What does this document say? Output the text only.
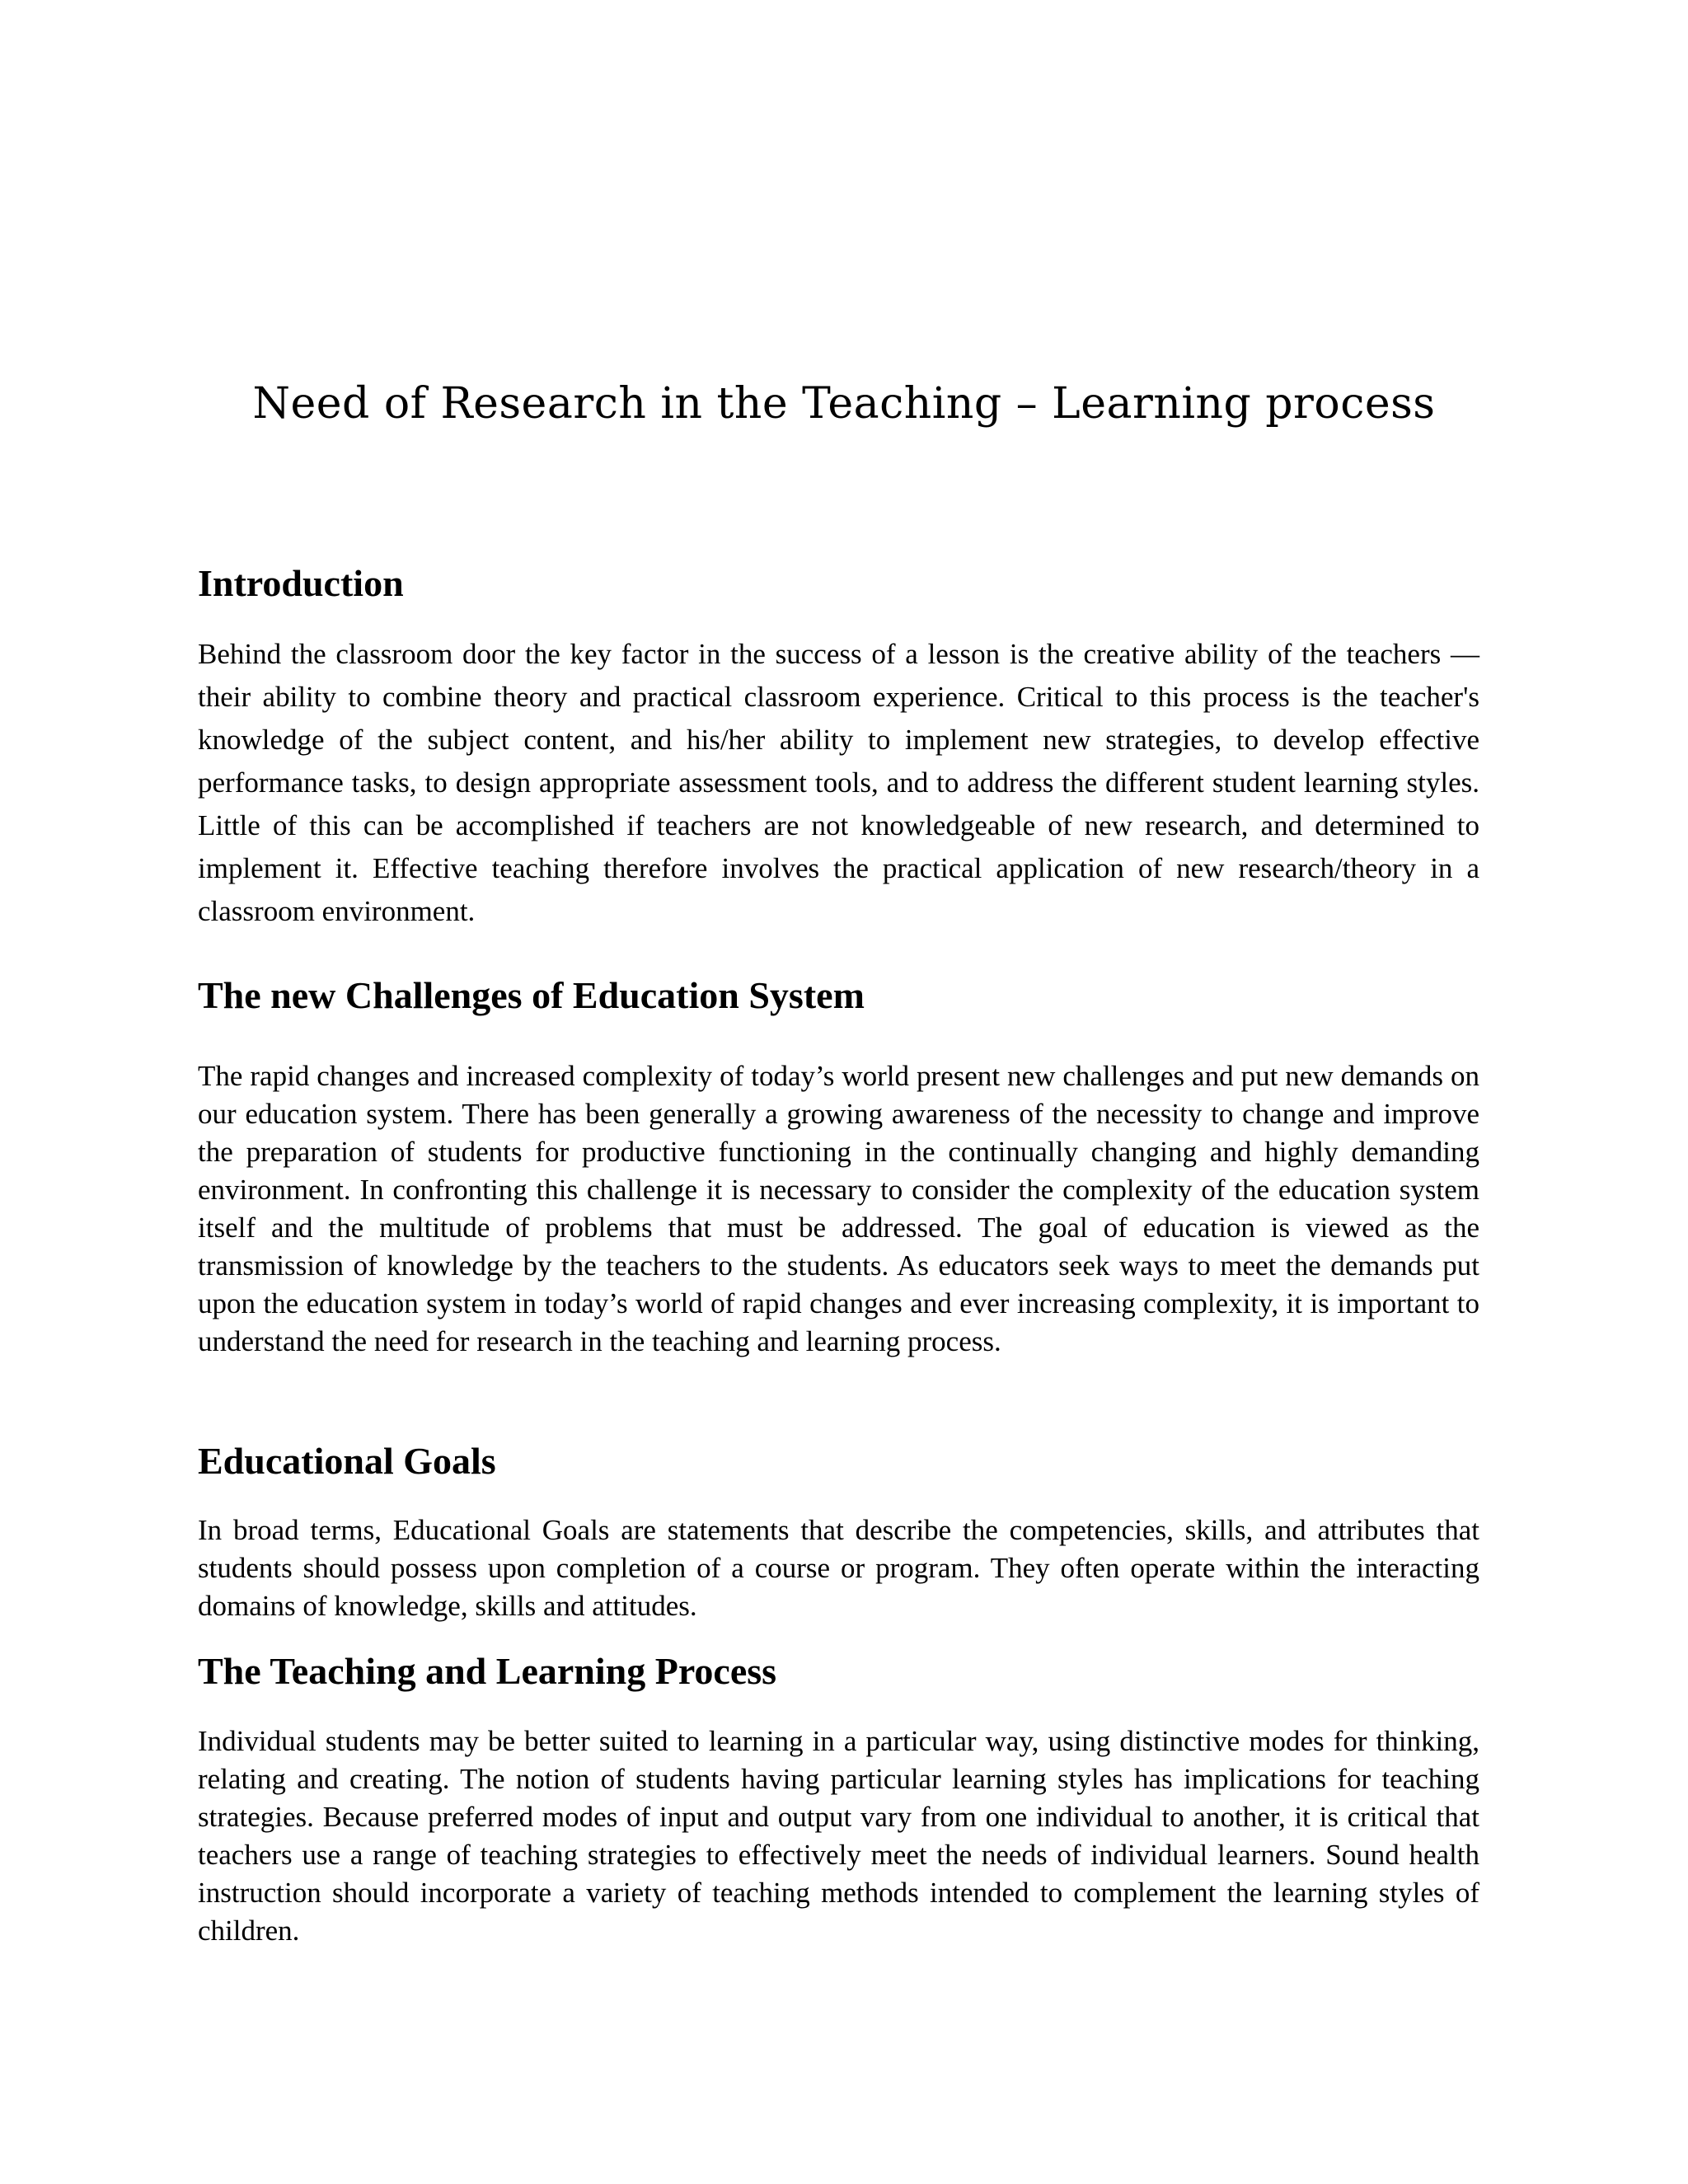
Need of Research in the Teaching – Learning process
Introduction

Behind the classroom door the key factor in the success of a lesson is the creative ability of the teachers — their ability to combine theory and practical classroom experience. Critical to this process is the teacher's knowledge of the subject content, and his/her ability to implement new strategies, to develop effective performance tasks, to design appropriate assessment tools, and to address the different student learning styles. Little of this can be accomplished if teachers are not knowledgeable of new research, and determined to implement it. Effective teaching therefore involves the practical application of new research/theory in a classroom environment.

The new Challenges of Education System

The rapid changes and increased complexity of today’s world present new challenges and put new demands on our education system. There has been generally a growing awareness of the necessity to change and improve the preparation of students for productive functioning in the continually changing and highly demanding environment. In confronting this challenge it is necessary to consider the complexity of the education system itself and the multitude of problems that must be addressed. The goal of education is viewed as the transmission of knowledge by the teachers to the students. As educators seek ways to meet the demands put upon the education system in today’s world of rapid changes and ever increasing complexity, it is important to understand the need for research in the teaching and learning process.

Educational Goals

In broad terms, Educational Goals are statements that describe the competencies, skills, and attributes that students should possess upon completion of a course or program. They often operate within the interacting domains of knowledge, skills and attitudes.

The Teaching and Learning Process

Individual students may be better suited to learning in a particular way, using distinctive modes for thinking, relating and creating. The notion of students having particular learning styles has implications for teaching strategies. Because preferred modes of input and output vary from one individual to another, it is critical that teachers use a range of teaching strategies to effectively meet the needs of individual learners. Sound health instruction should incorporate a variety of teaching methods intended to complement the learning styles of children.
